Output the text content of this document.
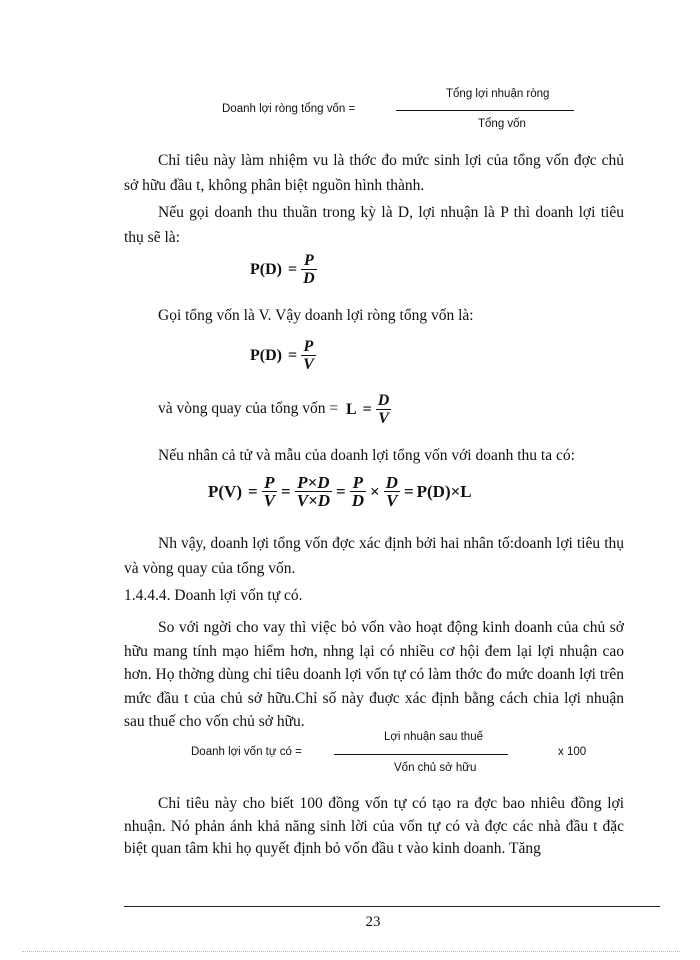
Doanh lợi ròng tổng vốn =
Tổng lợi nhuận ròng
Tổng vốn
Chỉ tiêu này làm nhiệm vu là thớc đo mức sinh lợi của tổng vốn đợc chủ sở hữu đầu t, không phân biệt nguồn hình thành.
Nếu gọi doanh thu thuần trong kỳ là D, lợi nhuận là P thì doanh lợi tiêu thụ sẽ là:
$P(D) = \frac{P}{D}$
Gọi tổng vốn là V. Vậy doanh lợi ròng tổng vốn là:
$P(D) = \frac{P}{V}$
và vòng quay của tổng vốn = $L = \frac{D}{V}$
Nếu nhân cả tử và mẫu của doanh lợi tổng vốn với doanh thu ta có:
$P(V) = \frac{P}{V} = \frac{P\times D}{V\times D} = \frac{P}{D} \times \frac{D}{V} = P(D)\times L$
Nh vậy, doanh lợi tổng vốn đợc xác định bởi hai nhân tố:doanh lợi tiêu thụ và vòng quay của tổng vốn.
1.4.4.4. Doanh lợi vốn tự có.
So với ngời cho vay thì việc bỏ vốn vào hoạt động kinh doanh của chủ sở hữu mang tính mạo hiểm hơn, nhng lại có nhiều cơ hội đem lại lợi nhuận cao hơn. Họ thờng dùng chỉ tiêu doanh lợi vốn tự có làm thớc đo mức doanh lợi trên mức đầu t của chủ sở hữu.Chỉ số này đuợc xác định bằng cách chia lợi nhuận sau thuế cho vốn chủ sở hữu.
Doanh lợi vốn tự có =
Lợi nhuận sau thuế
Vốn chủ sở hữu
x 100
Chỉ tiêu này cho biết 100 đồng vốn tự có tạo ra đợc bao nhiêu đồng lợi nhuận. Nó phản ánh khả năng sinh lời của vốn tự có và đợc các nhà đầu t đặc biệt quan tâm khi họ quyết định bỏ vốn đầu t vào kinh doanh. Tăng
23
